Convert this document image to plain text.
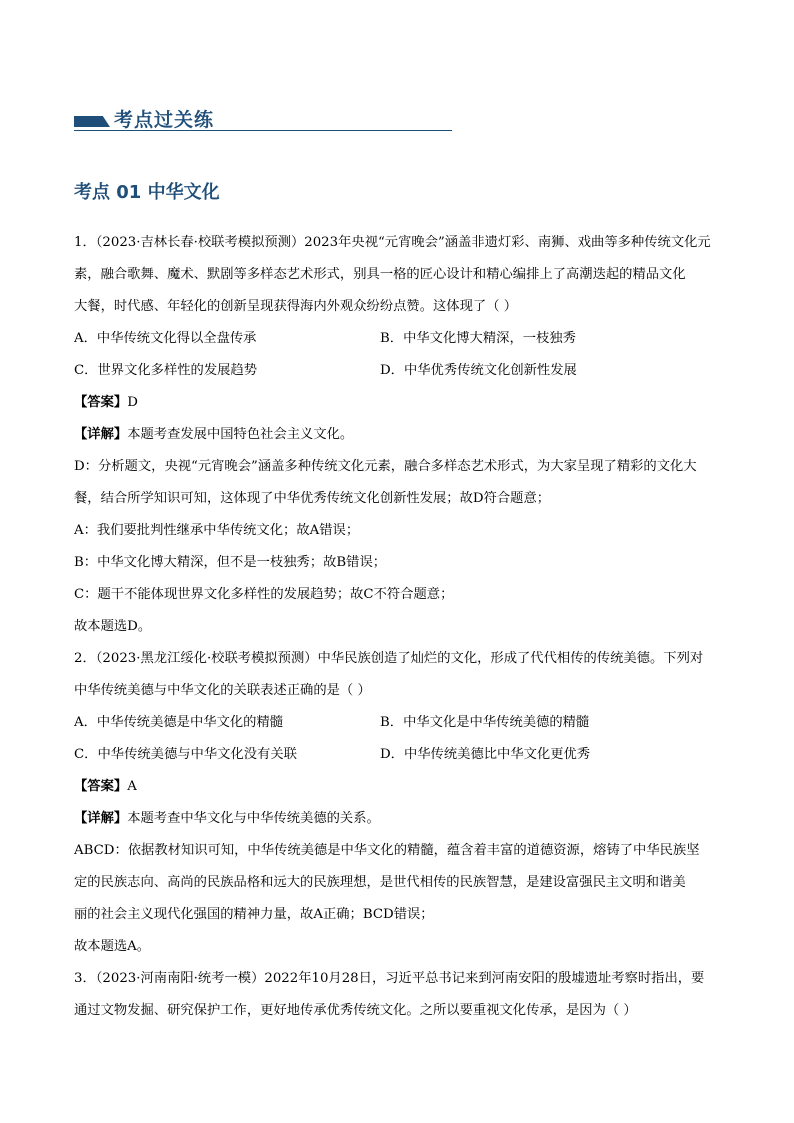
考点过关练
考点 01 中华文化
1．（2023·吉林长春·校联考模拟预测）2023年央视“元宵晚会”涵盖非遗灯彩、南狮、戏曲等多种传统文化元
素，融合歌舞、魔术、默剧等多样态艺术形式，别具一格的匠心设计和精心编排上了高潮迭起的精品文化
大餐，时代感、年轻化的创新呈现获得海内外观众纷纷点赞。这体现了（ ）
A．中华传统文化得以全盘传承	B．中华文化博大精深，一枝独秀
C．世界文化多样性的发展趋势	D．中华优秀传统文化创新性发展
【答案】D
【详解】本题考查发展中国特色社会主义文化。
D：分析题文，央视“元宵晚会”涵盖多种传统文化元素，融合多样态艺术形式，为大家呈现了精彩的文化大
餐，结合所学知识可知，这体现了中华优秀传统文化创新性发展；故D符合题意；
A：我们要批判性继承中华传统文化；故A错误；
B：中华文化博大精深，但不是一枝独秀；故B错误；
C：题干不能体现世界文化多样性的发展趋势；故C不符合题意；
故本题选D。
2．（2023·黑龙江绥化·校联考模拟预测）中华民族创造了灿烂的文化，形成了代代相传的传统美德。下列对
中华传统美德与中华文化的关联表述正确的是（ ）
A．中华传统美德是中华文化的精髓	B．中华文化是中华传统美德的精髓
C．中华传统美德与中华文化没有关联	D．中华传统美德比中华文化更优秀
【答案】A
【详解】本题考查中华文化与中华传统美德的关系。
ABCD：依据教材知识可知，中华传统美德是中华文化的精髓，蕴含着丰富的道德资源，熔铸了中华民族坚
定的民族志向、高尚的民族品格和远大的民族理想，是世代相传的民族智慧，是建设富强民主文明和谐美
丽的社会主义现代化强国的精神力量，故A正确；BCD错误；
故本题选A。
3．（2023·河南南阳·统考一模）2022年10月28日，习近平总书记来到河南安阳的殷墟遗址考察时指出，要
通过文物发掘、研究保护工作，更好地传承优秀传统文化。之所以要重视文化传承，是因为（ ）
